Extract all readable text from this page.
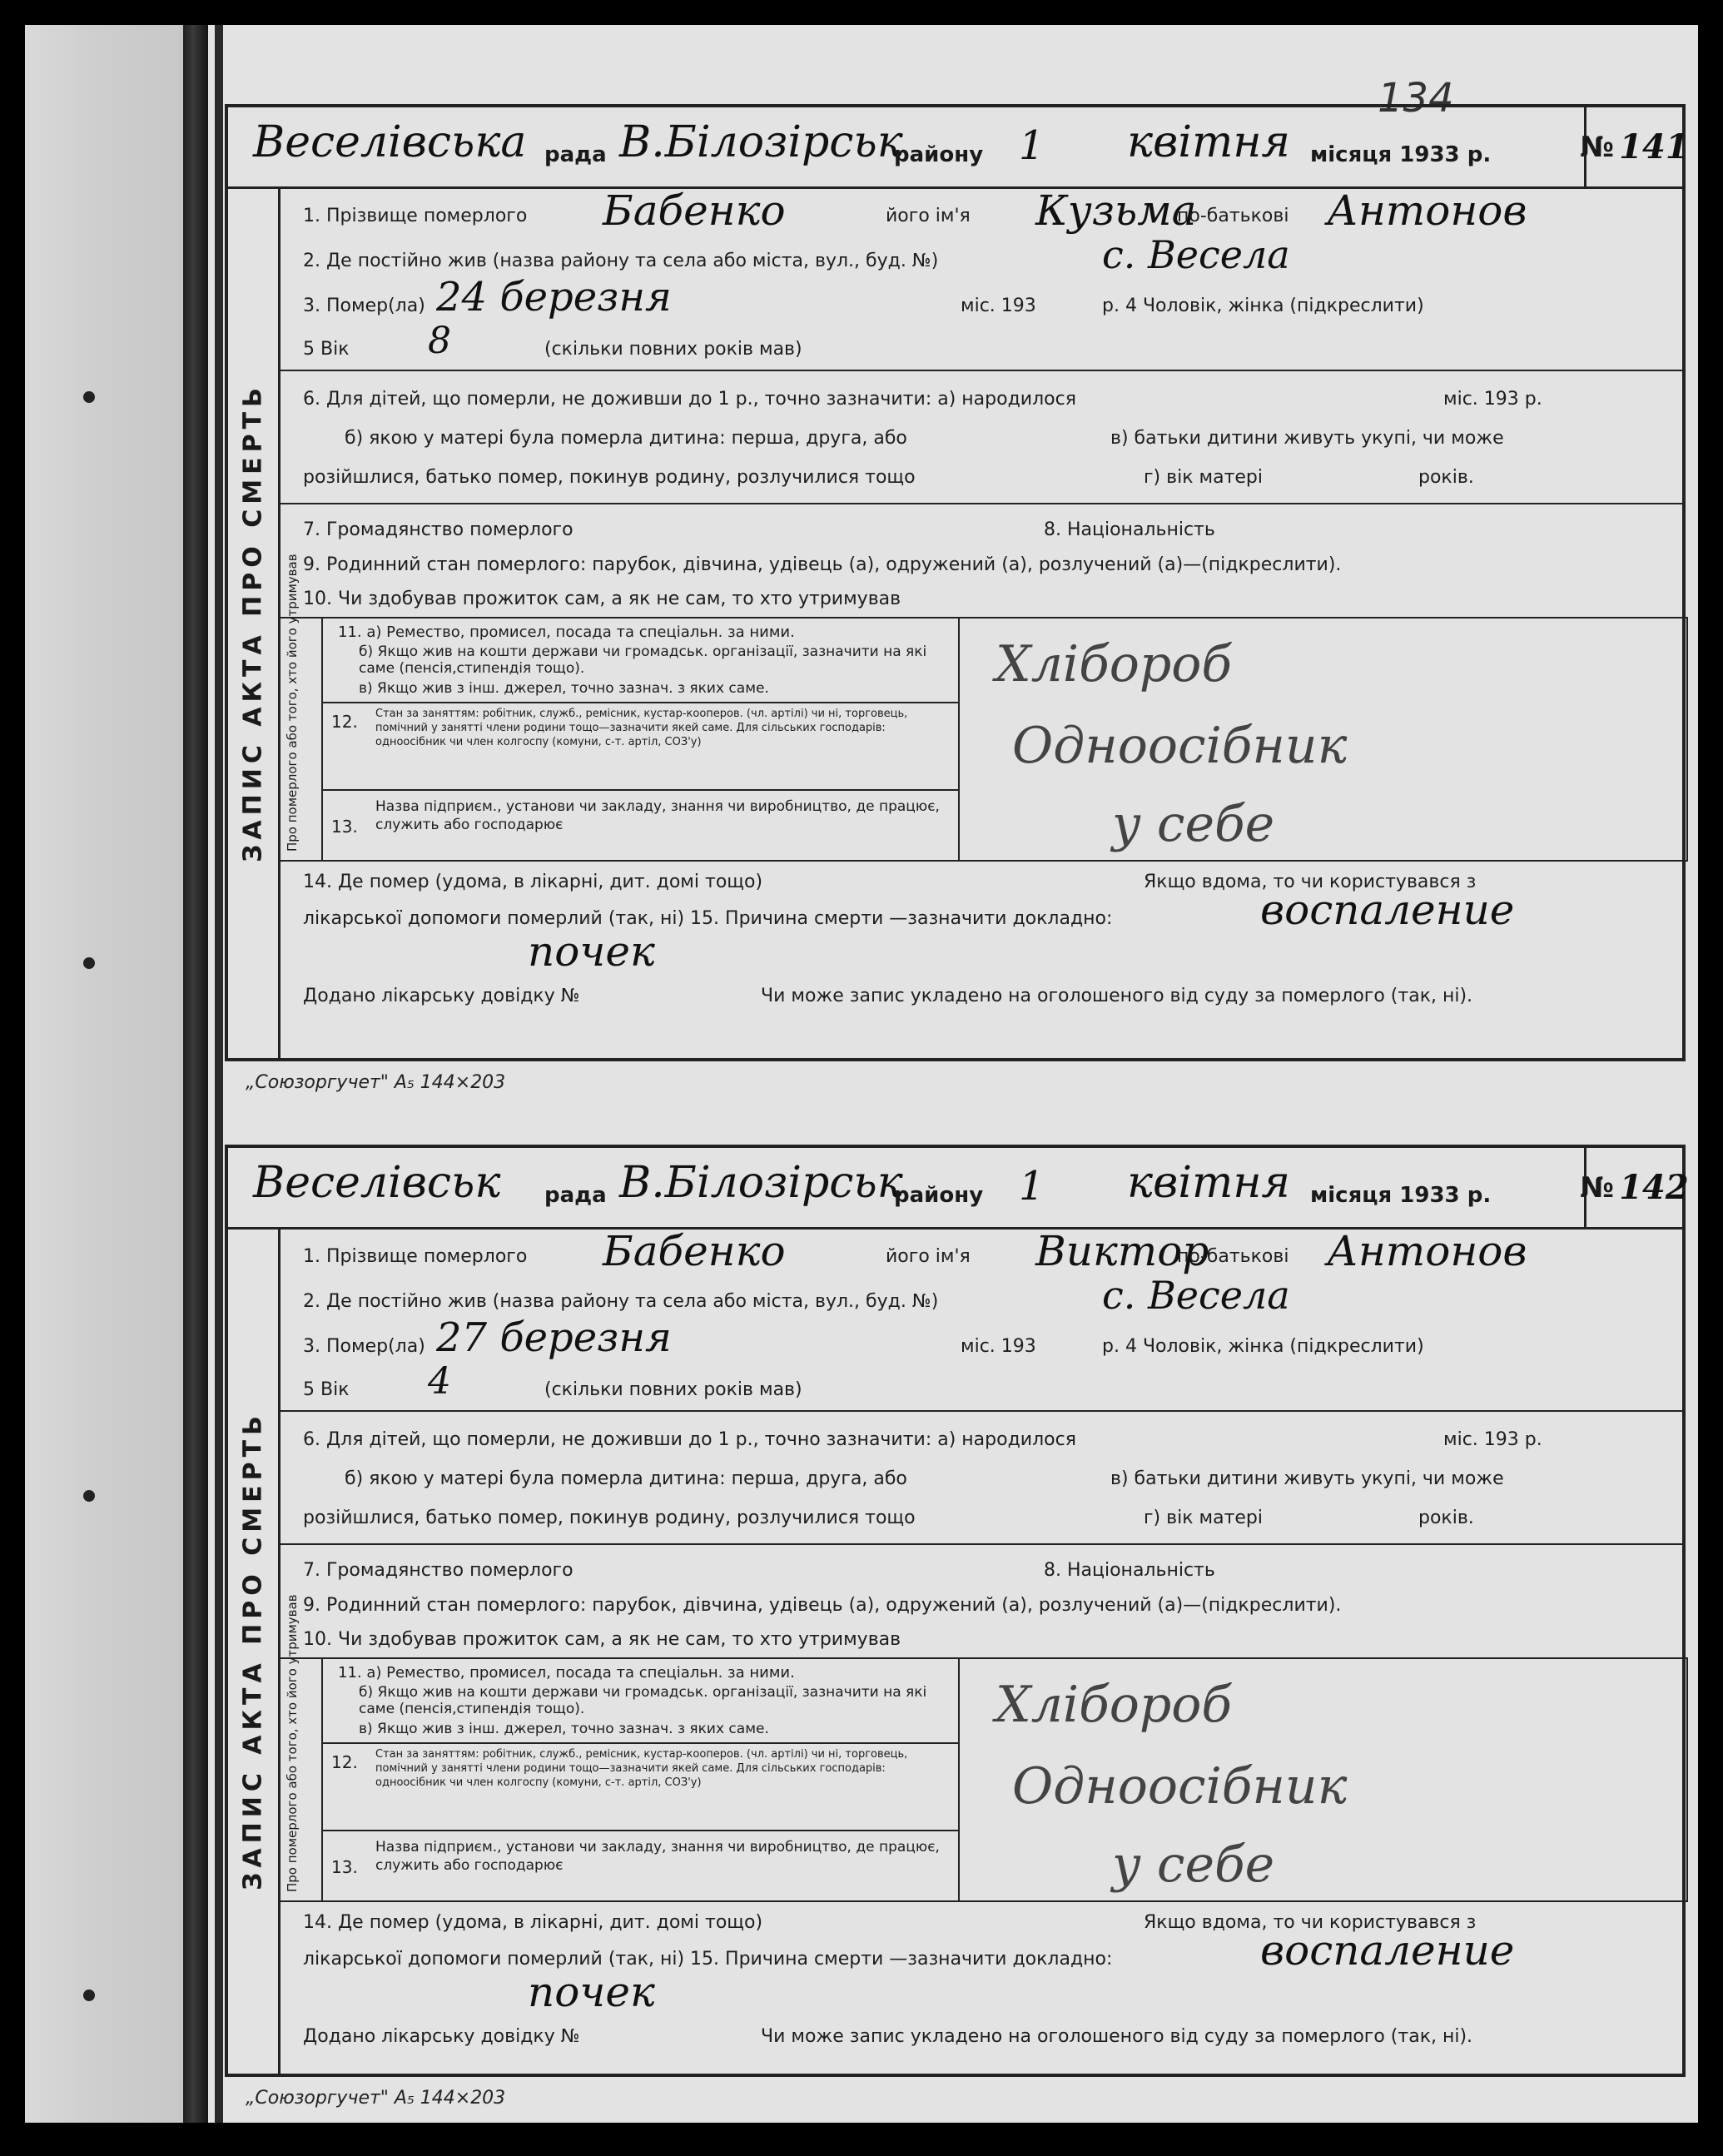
134
Веселівська рада В.Білозірськ
району 1 квітня місяця 1933 р.	№ 141
ЗАПИС АКТА ПРО СМЕРТЬ
1. Прізвище померлого Бабенко	його ім'я Кузьма
по-батькові Антонов
2. Де постійно жив (назва району та села або міста, вул., буд. №)	с. Весела
3. Помер(ла) 24 березня	міс. 193	р. 4 Чоловік, жінка (підкреслити)
5 Вік 8	(скільки повних років мав)
6. Для дітей, що померли, не доживши до 1 р., точно зазначити: а) народилося	міс. 193 р.
б) якою у матері була померла дитина: перша, друга, або	в) батьки дитини живуть укупі, чи може
розійшлися, батько помер, покинув родину, розлучилися тощо	г) вік матері	років.
7. Громадянство померлого	8. Національність
9. Родинний стан померлого: парубок, дівчина, удівець (а), одружений (а), розлучений (а)—(підкреслити).
10. Чи здобував прожиток сам, а як не сам, то хто утримував
Про померлого або того, хто його утримував	11. а) Ремество, промисел, посада та спеціальн. за ними.
б) Якщо жив на кошти держави чи громадськ. організації, зазначити на які саме (пенсія,стипендія тощо).
в) Якщо жив з інш. джерел, точно зазнач. з яких саме.
12. Стан за заняттям: робітник, служб., ремісник, кустар-кооперов. (чл. артілі) чи ні, торговець, помічний у занятті члени родини тощо—зазначити якей саме. Для сільських господарів: одноосібник чи член колгоспу (комуни, с-т. артіл, СОЗ'у)
13.
Назва підприєм., установи чи закладу, знання чи виробництво, де працює, служить або господарює
Хлібороб
Одноосібник
у себе
14. Де помер (удома, в лікарні, дит. домі тощо)	Якщо вдома, то чи користувався з
лікарської допомоги померлий (так, ні) 15. Причина смерти —зазначити докладно:	воспаление
почек
Додано лікарську довідку №	Чи може запис укладено на оголошеного від суду за померлого (так, ні).
„Союзоргучет" А₅ 144×203
Веселівськ рада В.Білозірськ
району 1 квітня місяця 1933 р.	№ 142
ЗАПИС АКТА ПРО СМЕРТЬ
1. Прізвище померлого Бабенко	його ім'я Виктор
по-батькові Антонов
2. Де постійно жив (назва району та села або міста, вул., буд. №)	с. Весела
3. Помер(ла) 27 березня	міс. 193	р. 4 Чоловік, жінка (підкреслити)
5 Вік 4	(скільки повних років мав)
6. Для дітей, що померли, не доживши до 1 р., точно зазначити: а) народилося	міс. 193 р.
б) якою у матері була померла дитина: перша, друга, або	в) батьки дитини живуть укупі, чи може
розійшлися, батько помер, покинув родину, розлучилися тощо	г) вік матері	років.
7. Громадянство померлого	8. Національність
9. Родинний стан померлого: парубок, дівчина, удівець (а), одружений (а), розлучений (а)—(підкреслити).
10. Чи здобував прожиток сам, а як не сам, то хто утримував
Про померлого або того, хто його утримував	11. а) Ремество, промисел, посада та спеціальн. за ними.
б) Якщо жив на кошти держави чи громадськ. організації, зазначити на які саме (пенсія,стипендія тощо).
в) Якщо жив з інш. джерел, точно зазнач. з яких саме.
12. Стан за заняттям: робітник, служб., ремісник, кустар-кооперов. (чл. артілі) чи ні, торговець, помічний у занятті члени родини тощо—зазначити якей саме. Для сільських господарів: одноосібник чи член колгоспу (комуни, с-т. артіл, СОЗ'у)
13.
Назва підприєм., установи чи закладу, знання чи виробництво, де працює, служить або господарює
Хлібороб
Одноосібник
у себе
14. Де помер (удома, в лікарні, дит. домі тощо)	Якщо вдома, то чи користувався з
лікарської допомоги померлий (так, ні) 15. Причина смерти —зазначити докладно:	воспаление
почек
Додано лікарську довідку №	Чи може запис укладено на оголошеного від суду за померлого (так, ні).
„Союзоргучет" А₅ 144×203
